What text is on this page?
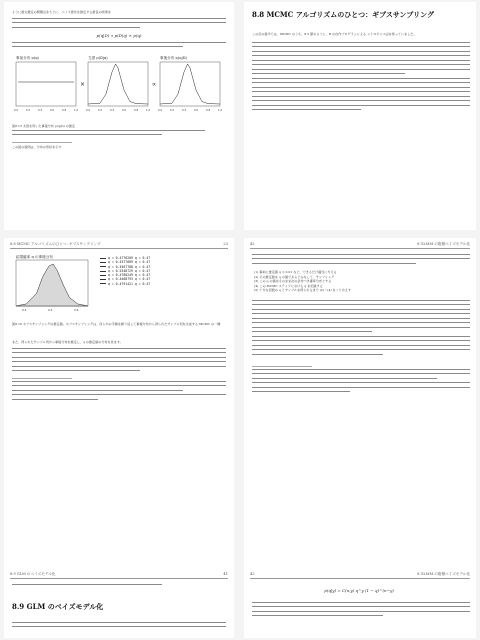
ように最尤推定の問題点をもとに、ベイズ統計を推定する最良の結果を
p(q|D) ∝ p(D|q) × p(q)
事前分布 p(q)	尤度 p(D|q)	事後分布 p(q|D)
×	∝
0.0	0.2	0.4	0.6	0.8	1.0	0.0	0.2	0.4	0.6	0.8	1.0	0.0	0.2	0.4	0.6	0.8	1.0
図8.13 尤度を用いた事後分布 p(q|D) の推定
この図の説明は、分布の形状を示す
8.8 MCMC アルゴリズムのひとつ：ギブスサンプリング
この章の後半では、MCMC のうち、8.5 節のように、R の自作プログラムによる メトロポリス法を使っていました。
8.8 MCMC アルゴリズムのひとつ: ギブスサンプリング	23
結果確率 q の事後分布
0.4	0.5	0.6
q = 0.4776209 q = 0.47
q = 0.4377689 q = 0.47
q = 0.4567788 q = 0.47
q = 0.5348729 q = 0.47
q = 0.4780249 q = 0.47
q = 0.4468793 q = 0.47
q = 0.4791421 q = 0.47
図8.16 ギブスサンプリングの推定値。ギブスサンプリングは、何らかの手順を繰り返して事後分布から得られたサンプル列を生成する MCMC の一種
また、得られたサンプル列から事後分布を推定し、q の推定値の分布を見ます。
42	8 GLMM の階層ベイズモデル化
(1) 事前に推定値 q = 0.01 など、できるだけ適当に与える
(2) その推定値を q の値であるとみなして、サンプリング
(3) この q の値をそのまま次の条件つき確率分布とする
(4) この MCMC ステップにおける q を記録する
(5) 十分な回数の q とサンプルを得られるまで (2)〜(4) をくりかえす
8.9 GLM のベイズモデル化	41
8.9 GLM のベイズモデル化
42	8 GLMM の階層ベイズモデル化
p(q|y) = C(n,y) q^y (1 − q)^(n−y)
